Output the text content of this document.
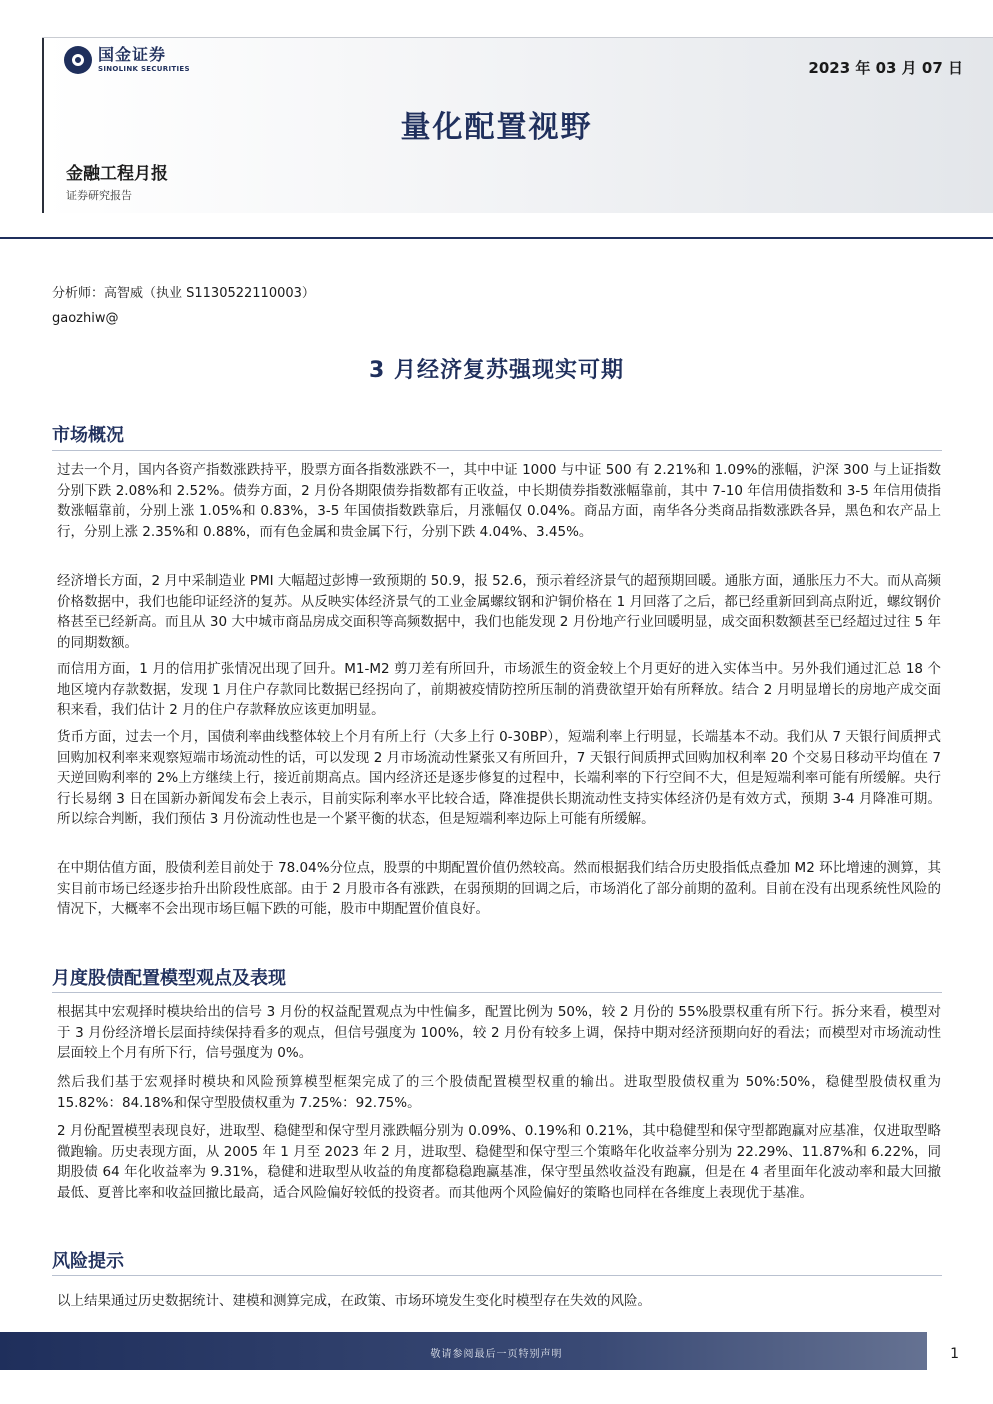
国金证券
SINOLINK SECURITIES	2023 年 03 月 07 日
量化配置视野
金融工程月报
证券研究报告
分析师：高智威（执业 S1130522110003）
gaozhiw@
3 月经济复苏强现实可期
市场概况
过去一个月，国内各资产指数涨跌持平，股票方面各指数涨跌不一，其中中证 1000 与中证 500 有 2.21%和 1.09%的涨幅，沪深 300 与上证指数分别下跌 2.08%和 2.52%。债券方面，2 月份各期限债券指数都有正收益，中长期债券指数涨幅靠前，其中 7-10 年信用债指数和 3-5 年信用债指数涨幅靠前，分别上涨 1.05%和 0.83%，3-5 年国债指数跌靠后，月涨幅仅 0.04%。商品方面，南华各分类商品指数涨跌各异，黑色和农产品上行，分别上涨 2.35%和 0.88%，而有色金属和贵金属下行，分别下跌 4.04%、3.45%。
经济增长方面，2 月中采制造业 PMI 大幅超过彭博一致预期的 50.9，报 52.6，预示着经济景气的超预期回暖。通胀方面，通胀压力不大。而从高频价格数据中，我们也能印证经济的复苏。从反映实体经济景气的工业金属螺纹钢和沪铜价格在 1 月回落了之后，都已经重新回到高点附近，螺纹钢价格甚至已经新高。而且从 30 大中城市商品房成交面积等高频数据中，我们也能发现 2 月份地产行业回暖明显，成交面积数额甚至已经超过过往 5 年的同期数额。
而信用方面，1 月的信用扩张情况出现了回升。M1-M2 剪刀差有所回升，市场派生的资金较上个月更好的进入实体当中。另外我们通过汇总 18 个地区境内存款数据，发现 1 月住户存款同比数据已经拐向了，前期被疫情防控所压制的消费欲望开始有所释放。结合 2 月明显增长的房地产成交面积来看，我们估计 2 月的住户存款释放应该更加明显。
货币方面，过去一个月，国债利率曲线整体较上个月有所上行（大多上行 0-30BP），短端利率上行明显，长端基本不动。我们从 7 天银行间质押式回购加权利率来观察短端市场流动性的话，可以发现 2 月市场流动性紧张又有所回升，7 天银行间质押式回购加权利率 20 个交易日移动平均值在 7 天逆回购利率的 2%上方继续上行，接近前期高点。国内经济还是逐步修复的过程中，长端利率的下行空间不大，但是短端利率可能有所缓解。央行行长易纲 3 日在国新办新闻发布会上表示，目前实际利率水平比较合适，降准提供长期流动性支持实体经济仍是有效方式，预期 3-4 月降准可期。所以综合判断，我们预估 3 月份流动性也是一个紧平衡的状态，但是短端利率边际上可能有所缓解。
在中期估值方面，股债利差目前处于 78.04%分位点，股票的中期配置价值仍然较高。然而根据我们结合历史股指低点叠加 M2 环比增速的测算，其实目前市场已经逐步抬升出阶段性底部。由于 2 月股市各有涨跌，在弱预期的回调之后，市场消化了部分前期的盈利。目前在没有出现系统性风险的情况下，大概率不会出现市场巨幅下跌的可能，股市中期配置价值良好。
月度股债配置模型观点及表现
根据其中宏观择时模块给出的信号 3 月份的权益配置观点为中性偏多，配置比例为 50%，较 2 月份的 55%股票权重有所下行。拆分来看，模型对于 3 月份经济增长层面持续保持看多的观点，但信号强度为 100%，较 2 月份有较多上调，保持中期对经济预期向好的看法；而模型对市场流动性层面较上个月有所下行，信号强度为 0%。
然后我们基于宏观择时模块和风险预算模型框架完成了的三个股债配置模型权重的输出。进取型股债权重为 50%:50%，稳健型股债权重为 15.82%：84.18%和保守型股债权重为 7.25%：92.75%。
2 月份配置模型表现良好，进取型、稳健型和保守型月涨跌幅分别为 0.09%、0.19%和 0.21%，其中稳健型和保守型都跑赢对应基准，仅进取型略微跑输。历史表现方面，从 2005 年 1 月至 2023 年 2 月，进取型、稳健型和保守型三个策略年化收益率分别为 22.29%、11.87%和 6.22%，同期股债 64 年化收益率为 9.31%，稳健和进取型从收益的角度都稳稳跑赢基准，保守型虽然收益没有跑赢，但是在 4 者里面年化波动率和最大回撤最低、夏普比率和收益回撤比最高，适合风险偏好较低的投资者。而其他两个风险偏好的策略也同样在各维度上表现优于基准。
风险提示
以上结果通过历史数据统计、建模和测算完成，在政策、市场环境发生变化时模型存在失效的风险。
敬请参阅最后一页特别声明	1
